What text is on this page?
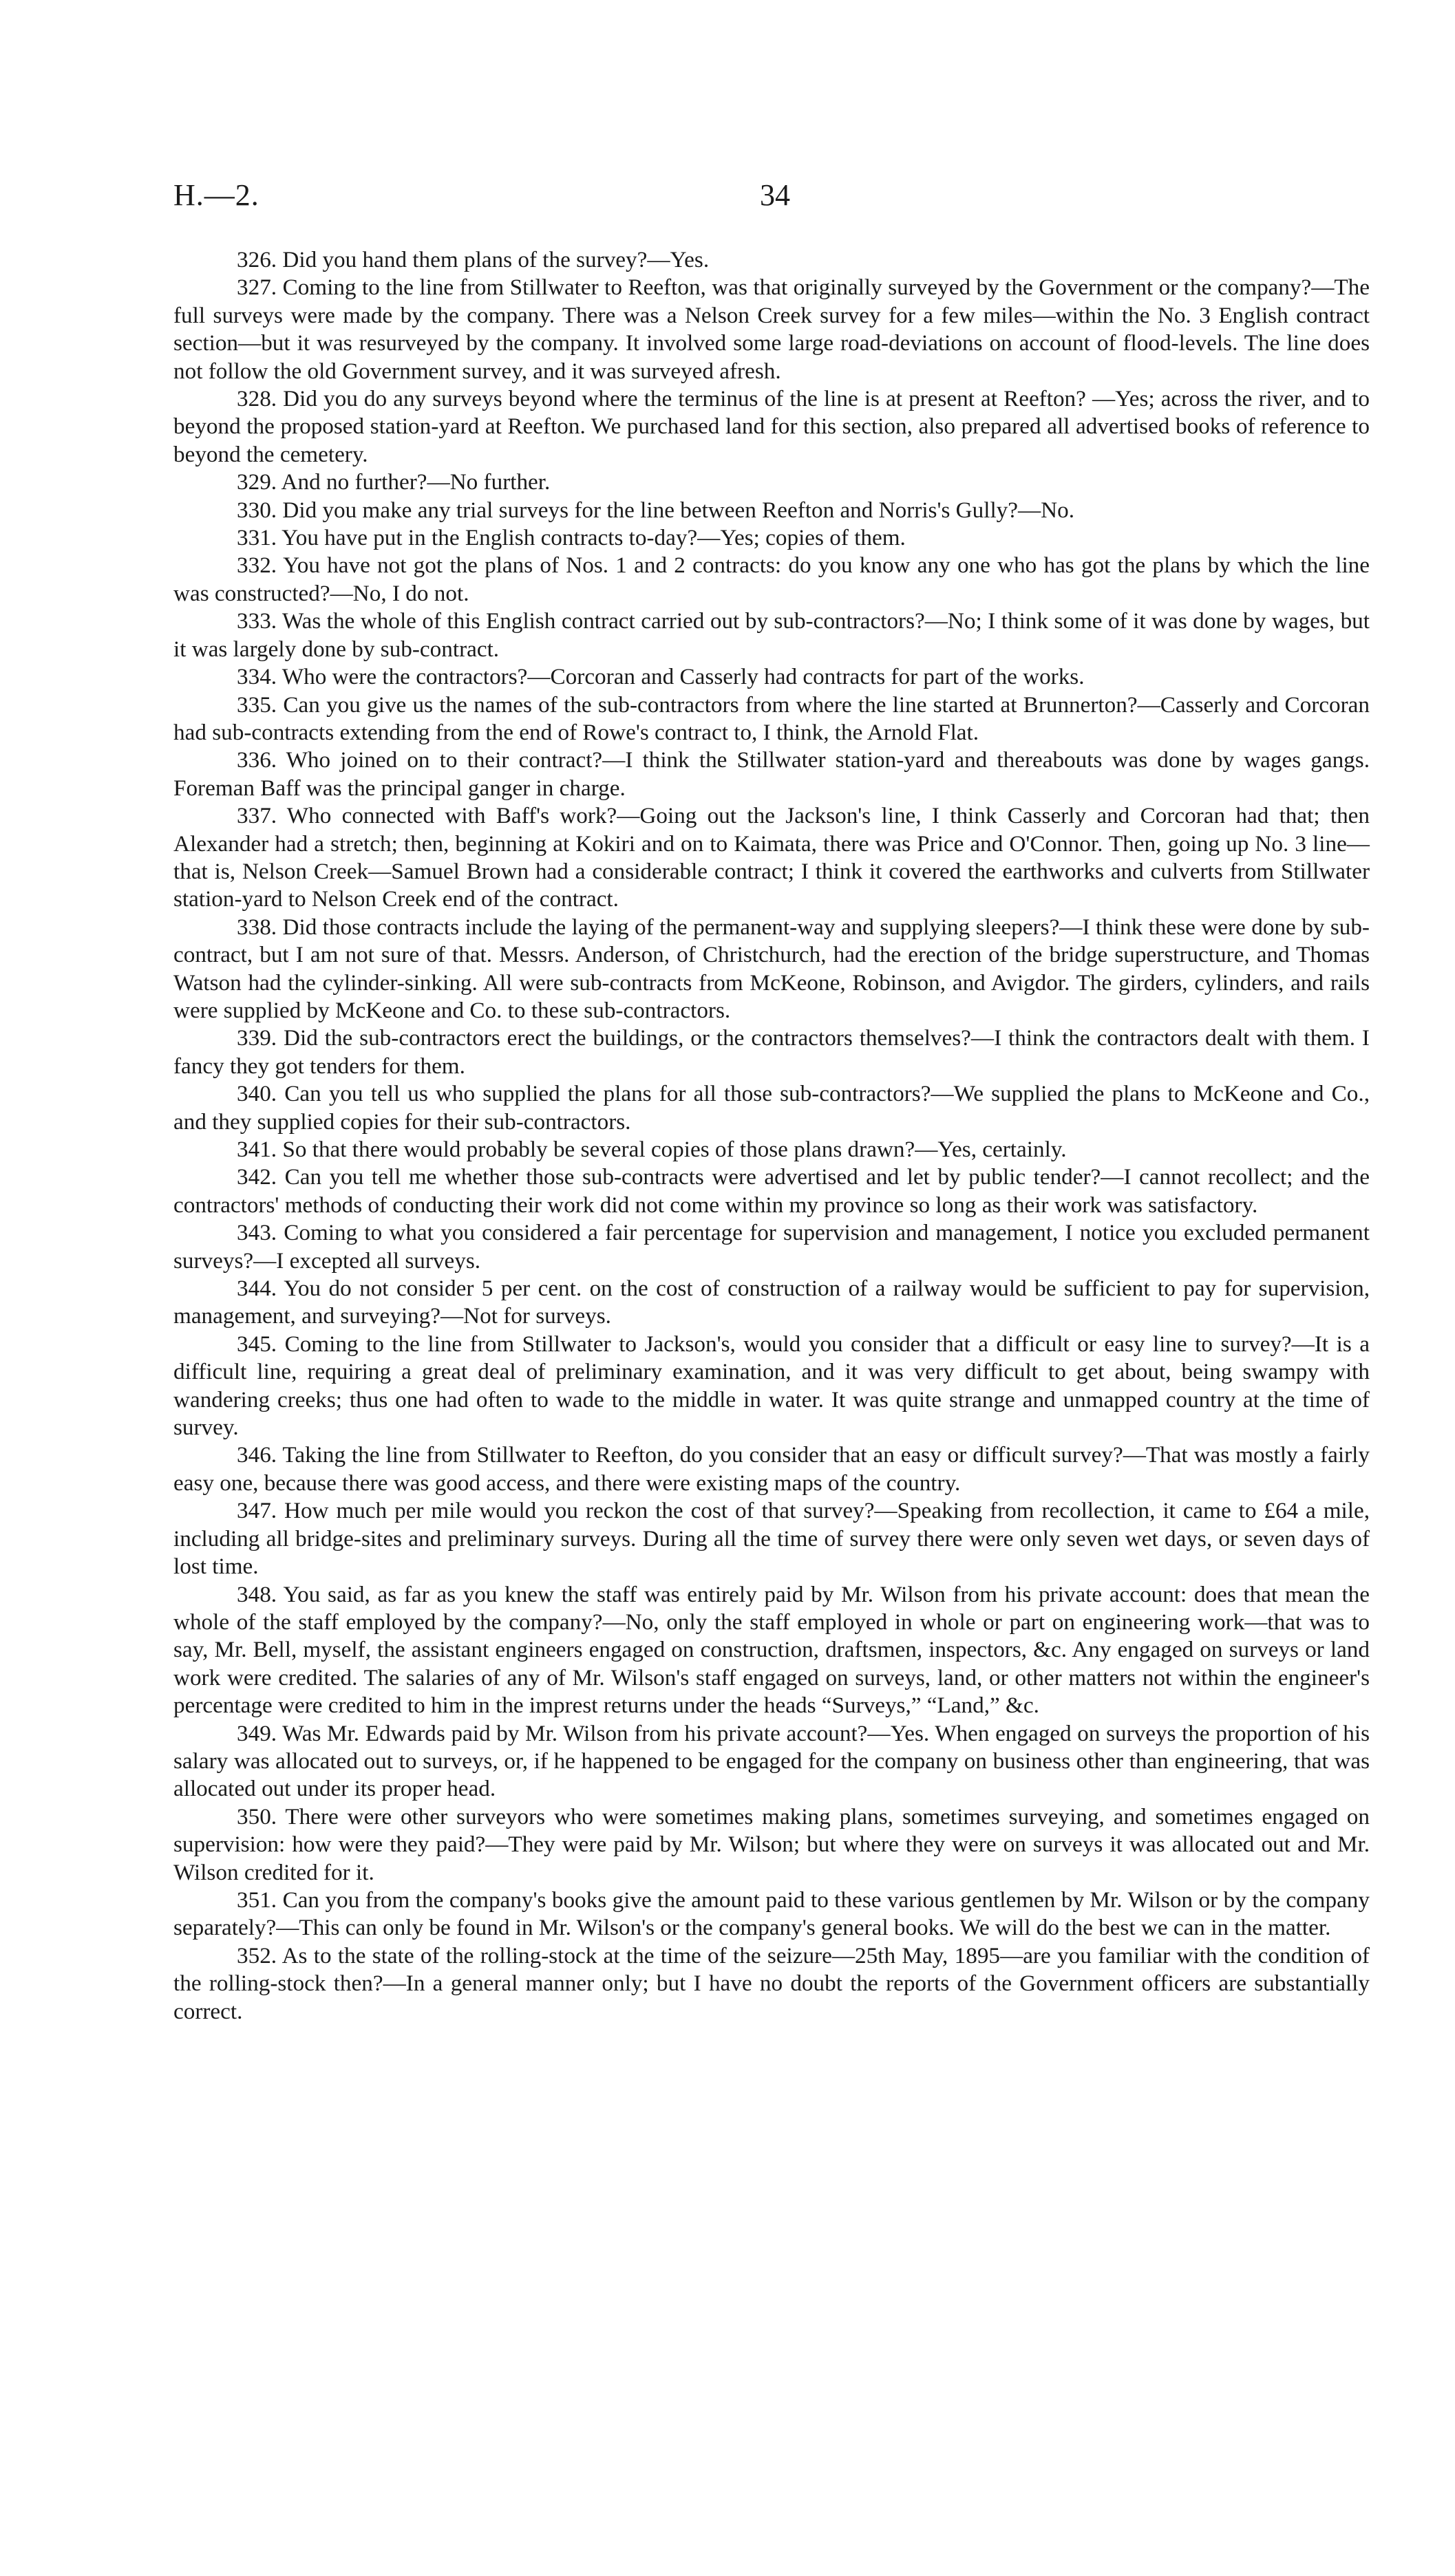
H.—2.	34

326. Did you hand them plans of the survey?—Yes.

327. Coming to the line from Stillwater to Reefton, was that originally surveyed by the Government or the company?—The full surveys were made by the company. There was a Nelson Creek survey for a few miles—within the No. 3 English contract section—but it was resurveyed by the company. It involved some large road-deviations on account of flood-levels. The line does not follow the old Government survey, and it was surveyed afresh.

328. Did you do any surveys beyond where the terminus of the line is at present at Reefton? —Yes; across the river, and to beyond the proposed station-yard at Reefton. We purchased land for this section, also prepared all advertised books of reference to beyond the cemetery.

329. And no further?—No further.

330. Did you make any trial surveys for the line between Reefton and Norris's Gully?—No.

331. You have put in the English contracts to-day?—Yes; copies of them.

332. You have not got the plans of Nos. 1 and 2 contracts: do you know any one who has got the plans by which the line was constructed?—No, I do not.

333. Was the whole of this English contract carried out by sub-contractors?—No; I think some of it was done by wages, but it was largely done by sub-contract.

334. Who were the contractors?—Corcoran and Casserly had contracts for part of the works.

335. Can you give us the names of the sub-contractors from where the line started at Brunnerton?—Casserly and Corcoran had sub-contracts extending from the end of Rowe's contract to, I think, the Arnold Flat.

336. Who joined on to their contract?—I think the Stillwater station-yard and thereabouts was done by wages gangs. Foreman Baff was the principal ganger in charge.

337. Who connected with Baff's work?—Going out the Jackson's line, I think Casserly and Corcoran had that; then Alexander had a stretch; then, beginning at Kokiri and on to Kaimata, there was Price and O'Connor. Then, going up No. 3 line—that is, Nelson Creek—Samuel Brown had a considerable contract; I think it covered the earthworks and culverts from Stillwater station-yard to Nelson Creek end of the contract.

338. Did those contracts include the laying of the permanent-way and supplying sleepers?—I think these were done by sub-contract, but I am not sure of that. Messrs. Anderson, of Christchurch, had the erection of the bridge superstructure, and Thomas Watson had the cylinder-sinking. All were sub-contracts from McKeone, Robinson, and Avigdor. The girders, cylinders, and rails were supplied by McKeone and Co. to these sub-contractors.

339. Did the sub-contractors erect the buildings, or the contractors themselves?—I think the contractors dealt with them. I fancy they got tenders for them.

340. Can you tell us who supplied the plans for all those sub-contractors?—We supplied the plans to McKeone and Co., and they supplied copies for their sub-contractors.

341. So that there would probably be several copies of those plans drawn?—Yes, certainly.

342. Can you tell me whether those sub-contracts were advertised and let by public tender?—I cannot recollect; and the contractors' methods of conducting their work did not come within my province so long as their work was satisfactory.

343. Coming to what you considered a fair percentage for supervision and management, I notice you excluded permanent surveys?—I excepted all surveys.

344. You do not consider 5 per cent. on the cost of construction of a railway would be sufficient to pay for supervision, management, and surveying?—Not for surveys.

345. Coming to the line from Stillwater to Jackson's, would you consider that a difficult or easy line to survey?—It is a difficult line, requiring a great deal of preliminary examination, and it was very difficult to get about, being swampy with wandering creeks; thus one had often to wade to the middle in water. It was quite strange and unmapped country at the time of survey.

346. Taking the line from Stillwater to Reefton, do you consider that an easy or difficult survey?—That was mostly a fairly easy one, because there was good access, and there were existing maps of the country.

347. How much per mile would you reckon the cost of that survey?—Speaking from recollection, it came to £64 a mile, including all bridge-sites and preliminary surveys. During all the time of survey there were only seven wet days, or seven days of lost time.

348. You said, as far as you knew the staff was entirely paid by Mr. Wilson from his private account: does that mean the whole of the staff employed by the company?—No, only the staff employed in whole or part on engineering work—that was to say, Mr. Bell, myself, the assistant engineers engaged on construction, draftsmen, inspectors, &c. Any engaged on surveys or land work were credited. The salaries of any of Mr. Wilson's staff engaged on surveys, land, or other matters not within the engineer's percentage were credited to him in the imprest returns under the heads “Surveys,” “Land,” &c.

349. Was Mr. Edwards paid by Mr. Wilson from his private account?—Yes. When engaged on surveys the proportion of his salary was allocated out to surveys, or, if he happened to be engaged for the company on business other than engineering, that was allocated out under its proper head.

350. There were other surveyors who were sometimes making plans, sometimes surveying, and sometimes engaged on supervision: how were they paid?—They were paid by Mr. Wilson; but where they were on surveys it was allocated out and Mr. Wilson credited for it.

351. Can you from the company's books give the amount paid to these various gentlemen by Mr. Wilson or by the company separately?—This can only be found in Mr. Wilson's or the company's general books. We will do the best we can in the matter.

352. As to the state of the rolling-stock at the time of the seizure—25th May, 1895—are you familiar with the condition of the rolling-stock then?—In a general manner only; but I have no doubt the reports of the Government officers are substantially correct.
